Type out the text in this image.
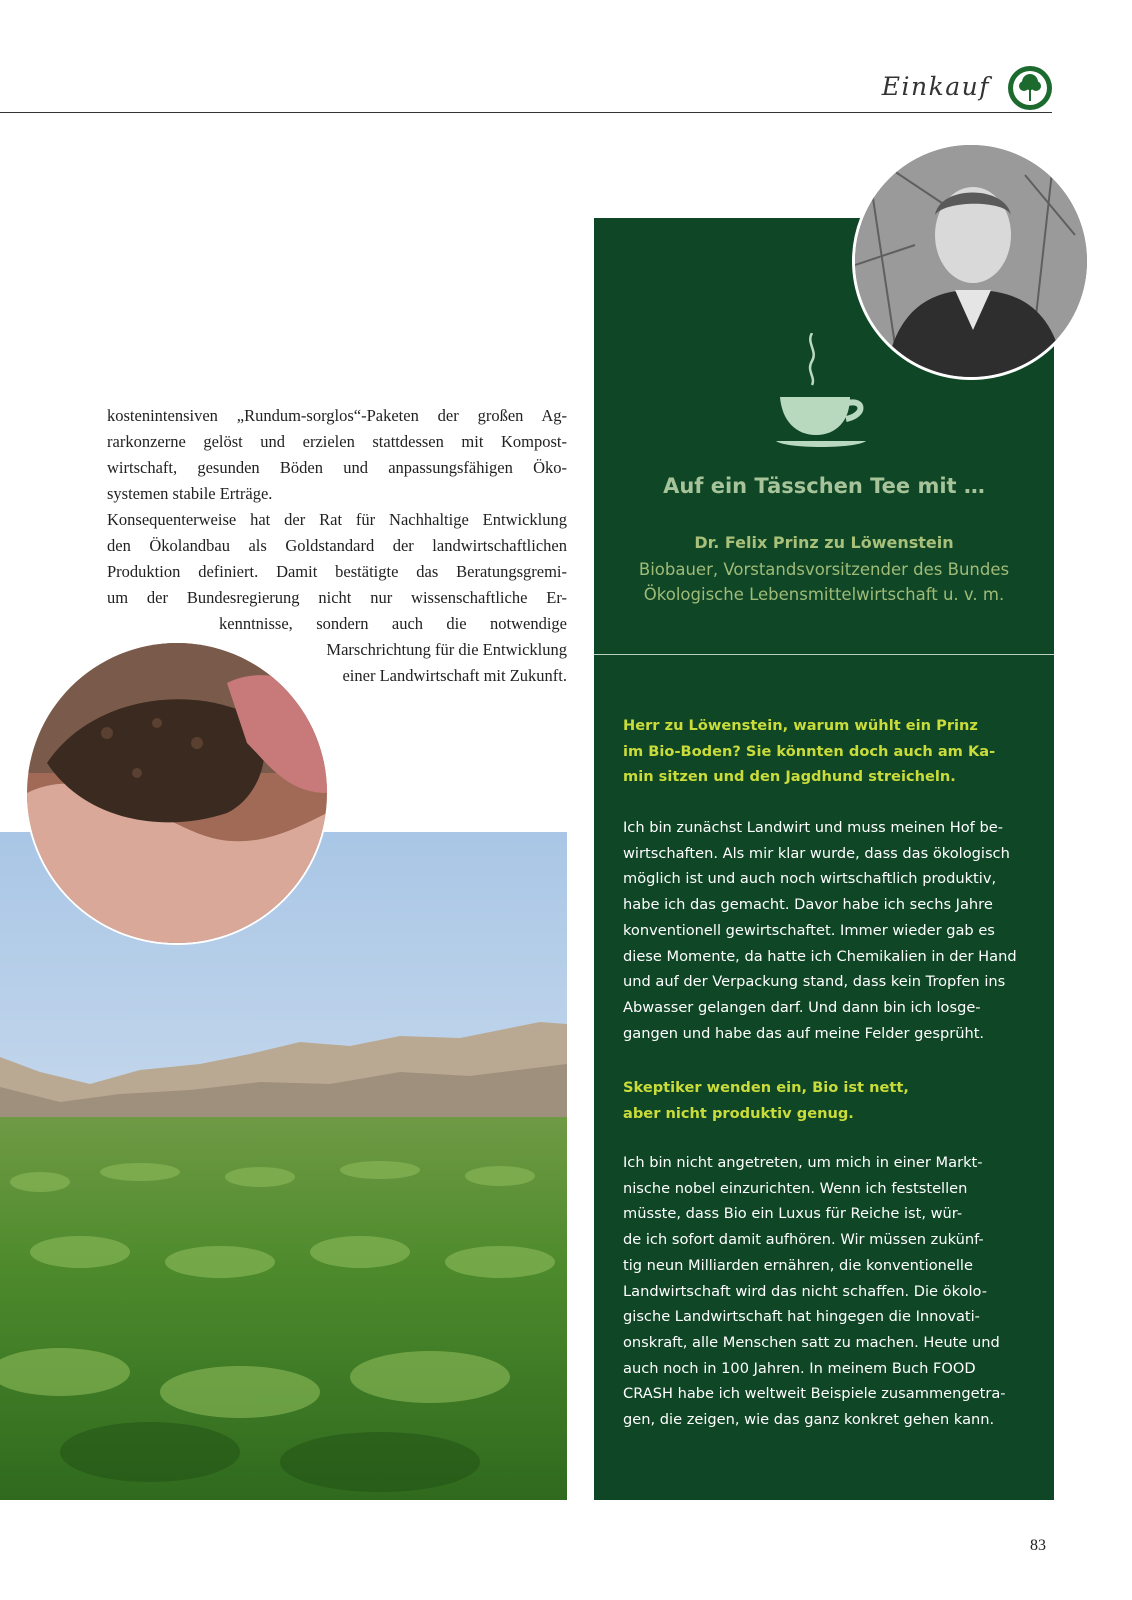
Einkauf

kostenintensiven „Rundum-sorglos“-Paketen der großen Ag-
rarkonzerne gelöst und erzielen stattdessen mit Kompost-
wirtschaft, gesunden Böden und anpassungsfähigen Öko-
systemen stabile Erträge.

Konsequenterweise hat der Rat für Nachhaltige Entwicklung
den Ökolandbau als Goldstandard der landwirtschaftlichen
Produktion definiert. Damit bestätigte das Beratungsgremi-
um der Bundesregierung nicht nur wissenschaftliche Er-
kenntnisse, sondern auch die notwendige
Marschrichtung für die Entwicklung
einer Landwirtschaft mit Zukunft.

Auf ein Tässchen Tee mit …
Dr. Felix Prinz zu Löwenstein
Biobauer, Vorstandsvorsitzender des Bundes
Ökologische Lebensmittelwirtschaft u. v. m.

Herr zu Löwenstein, warum wühlt ein Prinz
im Bio-Boden? Sie könnten doch auch am Ka-
min sitzen und den Jagdhund streicheln.

Ich bin zunächst Landwirt und muss meinen Hof be-
wirtschaften. Als mir klar wurde, dass das ökologisch
möglich ist und auch noch wirtschaftlich produktiv,
habe ich das gemacht. Davor habe ich sechs Jahre
konventionell gewirtschaftet. Immer wieder gab es
diese Momente, da hatte ich Chemikalien in der Hand
und auf der Verpackung stand, dass kein Tropfen ins
Abwasser gelangen darf. Und dann bin ich losge-
gangen und habe das auf meine Felder gesprüht.

Skeptiker wenden ein, Bio ist nett,
aber nicht produktiv genug.

Ich bin nicht angetreten, um mich in einer Markt-
nische nobel einzurichten. Wenn ich feststellen
müsste, dass Bio ein Luxus für Reiche ist, wür-
de ich sofort damit aufhören. Wir müssen zukünf-
tig neun Milliarden ernähren, die konventionelle
Landwirtschaft wird das nicht schaffen. Die ökolo-
gische Landwirtschaft hat hingegen die Innovati-
onskraft, alle Menschen satt zu machen. Heute und
auch noch in 100 Jahren. In meinem Buch FOOD
CRASH habe ich weltweit Beispiele zusammengetra-
gen, die zeigen, wie das ganz konkret gehen kann.

83
